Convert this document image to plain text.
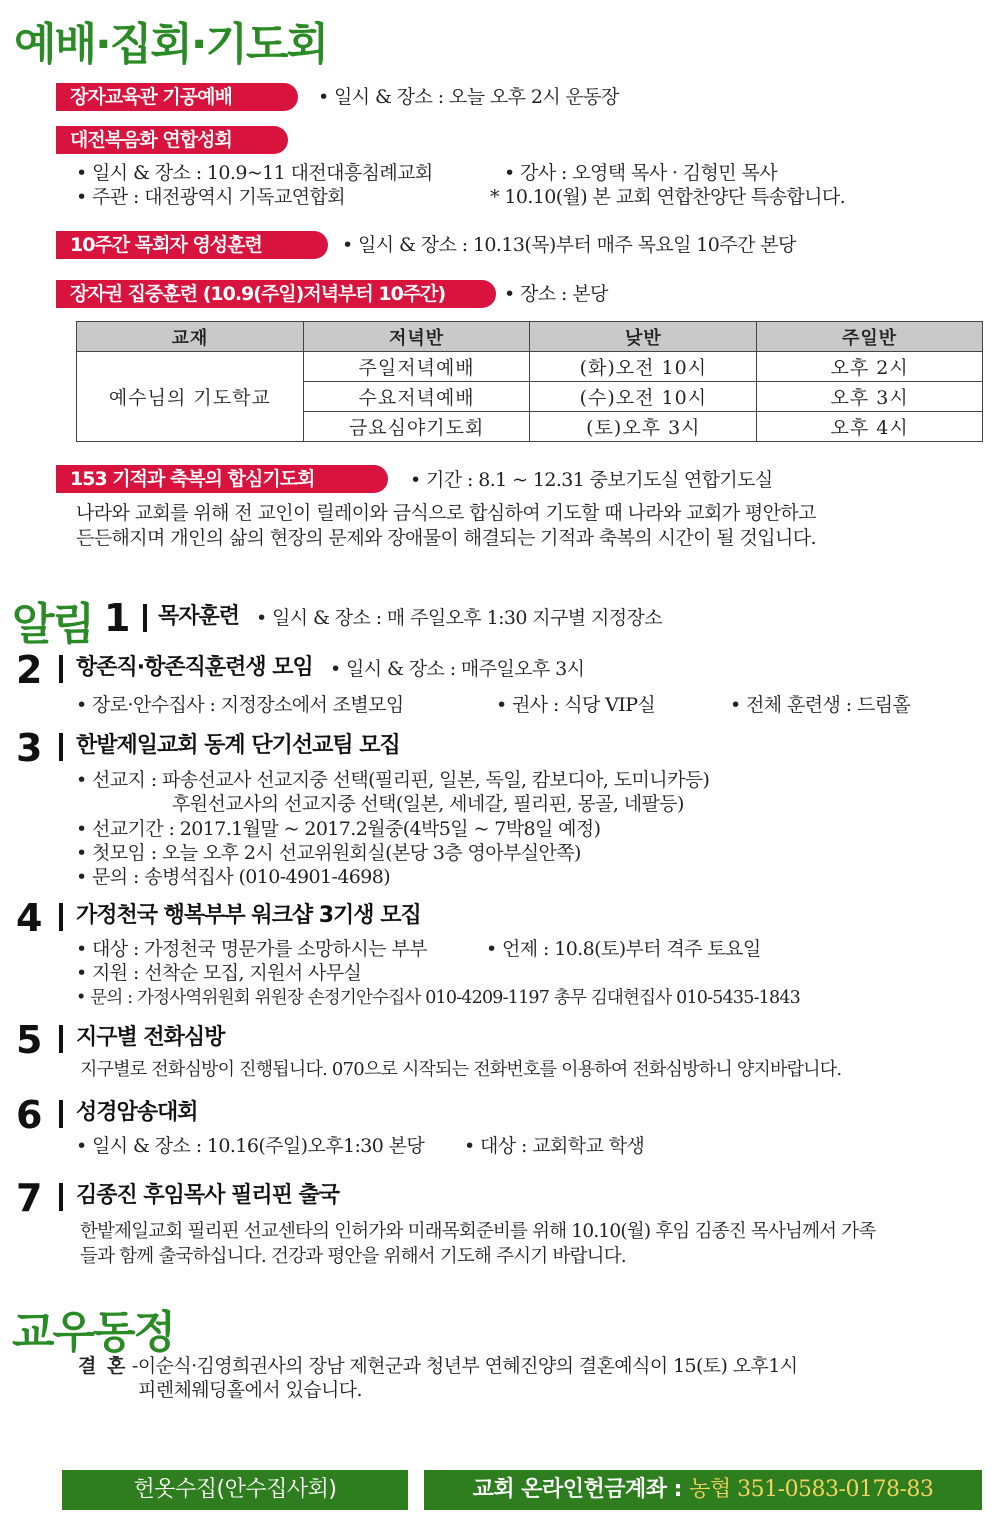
예배·집회·기도회
장자교육관 기공예배	• 일시 & 장소 : 오늘 오후 2시 운동장
대전복음화 연합성회
• 일시 & 장소 : 10.9~11 대전대흥침례교회	• 강사 : 오영택 목사 · 김형민 목사
• 주관 : 대전광역시 기독교연합회	* 10.10(월) 본 교회 연합찬양단 특송합니다.
10주간 목회자 영성훈련	• 일시 & 장소 : 10.13(목)부터 매주 목요일 10주간 본당
장자권 집중훈련 (10.9(주일)저녁부터 10주간)	• 장소 : 본당
교재	저녁반	낮반	주일반
예수님의 기도학교	주일저녁예배	(화)오전 10시	오후 2시
	수요저녁예배	(수)오전 10시	오후 3시
	금요심야기도회	(토)오후 3시	오후 4시
153 기적과 축복의 합심기도회	• 기간 : 8.1 ~ 12.31 중보기도실 연합기도실
나라와 교회를 위해 전 교인이 릴레이와 금식으로 합심하여 기도할 때 나라와 교회가 평안하고
든든해지며 개인의 삶의 현장의 문제와 장애물이 해결되는 기적과 축복의 시간이 될 것입니다.
알림 1 목자훈련 • 일시 & 장소 : 매 주일오후 1:30 지구별 지정장소
2 항존직·항존직훈련생 모임 • 일시 & 장소 : 매주일오후 3시
• 장로·안수집사 : 지정장소에서 조별모임	• 권사 : 식당 VIP실	• 전체 훈련생 : 드림홀
3 한밭제일교회 동계 단기선교팀 모집
• 선교지 : 파송선교사 선교지중 선택(필리핀, 일본, 독일, 캄보디아, 도미니카등)
후원선교사의 선교지중 선택(일본, 세네갈, 필리핀, 몽골, 네팔등)
• 선교기간 : 2017.1월말 ~ 2017.2월중(4박5일 ~ 7박8일 예정)
• 첫모임 : 오늘 오후 2시 선교위원회실(본당 3층 영아부실안쪽)
• 문의 : 송병석집사 (010-4901-4698)
4 가정천국 행복부부 워크샵 3기생 모집
• 대상 : 가정천국 명문가를 소망하시는 부부	• 언제 : 10.8(토)부터 격주 토요일
• 지원 : 선착순 모집, 지원서 사무실
• 문의 : 가정사역위원회 위원장 손정기안수집사 010-4209-1197 총무 김대현집사 010-5435-1843
5 지구별 전화심방
지구별로 전화심방이 진행됩니다. 070으로 시작되는 전화번호를 이용하여 전화심방하니 양지바랍니다.
6 성경암송대회
• 일시 & 장소 : 10.16(주일)오후1:30 본당 • 대상 : 교회학교 학생
7 김종진 후임목사 필리핀 출국
한밭제일교회 필리핀 선교센타의 인허가와 미래목회준비를 위해 10.10(월) 후임 김종진 목사님께서 가족
들과 함께 출국하십니다. 건강과 평안을 위해서 기도해 주시기 바랍니다.
교우동정
결 혼 -이순식·김영희권사의 장남 제현군과 청년부 연혜진양의 결혼예식이 15(토) 오후1시
피렌체웨딩홀에서 있습니다.
헌옷수집(안수집사회)	교회 온라인헌금계좌 : 농협 351-0583-0178-83
